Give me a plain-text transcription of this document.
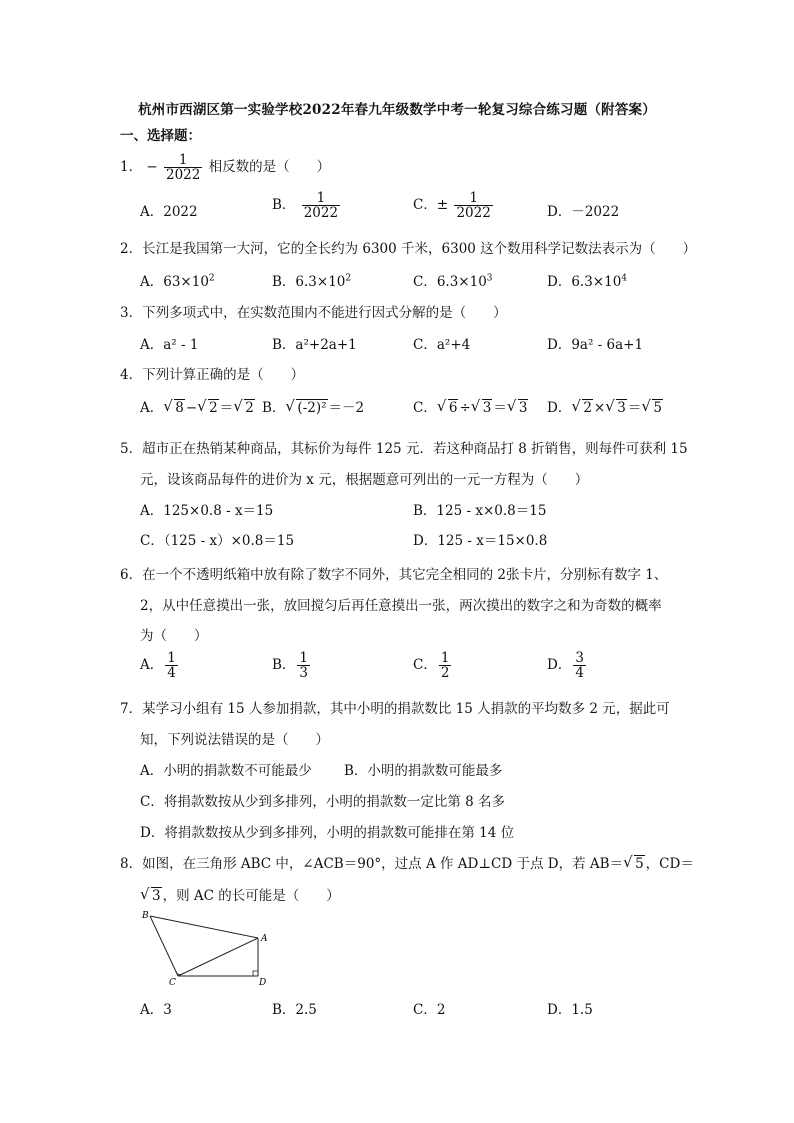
杭州市西湖区第一实验学校2022年春九年级数学中考一轮复习综合练习题（附答案）
一、选择题：
1． − $\frac{1}{2022}$ 相反数的是（　　）
A．2022	B． $\frac{1}{2022}$	C．± $\frac{1}{2022}$	D．－2022
2．长江是我国第一大河，它的全长约为 6300 千米，6300 这个数用科学记数法表示为（　　）
A．$63\times 10^2$	B．$6.3\times 10^2$	C．$6.3\times 10^3$	D．$6.3\times 10^4$
3．下列多项式中，在实数范围内不能进行因式分解的是（　　）
A．a² - 1	B．a²+2a+1	C．a²+4	D．9a² - 6a+1
4．下列计算正确的是（　　）
A． √ 8 − √ 2 ＝ √ 2 B． √ (-2)² ＝－2	C． √ 6 ÷ √ 3 ＝ √ 3 D． √ 2 × √ 3 ＝ √ 5
5．超市正在热销某种商品，其标价为每件 125 元．若这种商品打 8 折销售，则每件可获利 15
元，设该商品每件的进价为 x 元，根据题意可列出的一元一方程为（　　）
A．125×0.8 - x＝15	B．125 - x×0.8＝15
C．（125 - x）×0.8＝15	D．125 - x＝15×0.8
6．在一个不透明纸箱中放有除了数字不同外，其它完全相同的 2张卡片，分别标有数字 1、
2，从中任意摸出一张，放回搅匀后再任意摸出一张，两次摸出的数字之和为奇数的概率
为（　　）
A． $\frac{1}{4}$	B． $\frac{1}{3}$	C． $\frac{1}{2}$	D． $\frac{3}{4}$
7．某学习小组有 15 人参加捐款，其中小明的捐款数比 15 人捐款的平均数多 2 元，据此可
知，下列说法错误的是（　　）
A．小明的捐款数不可能最少 B．小明的捐款数可能最多
C．将捐款数按从少到多排列，小明的捐款数一定比第 8 名多
D．将捐款数按从少到多排列，小明的捐款数可能排在第 14 位
8．如图，在三角形 ABC 中，∠ACB＝90°，过点 A 作 AD⊥CD 于点 D，若 AB＝ √ 5 ，CD＝
√ 3 ，则 AC 的长可能是（　　）
B
A
C	D
A．3	B．2.5	C．2	D．1.5
